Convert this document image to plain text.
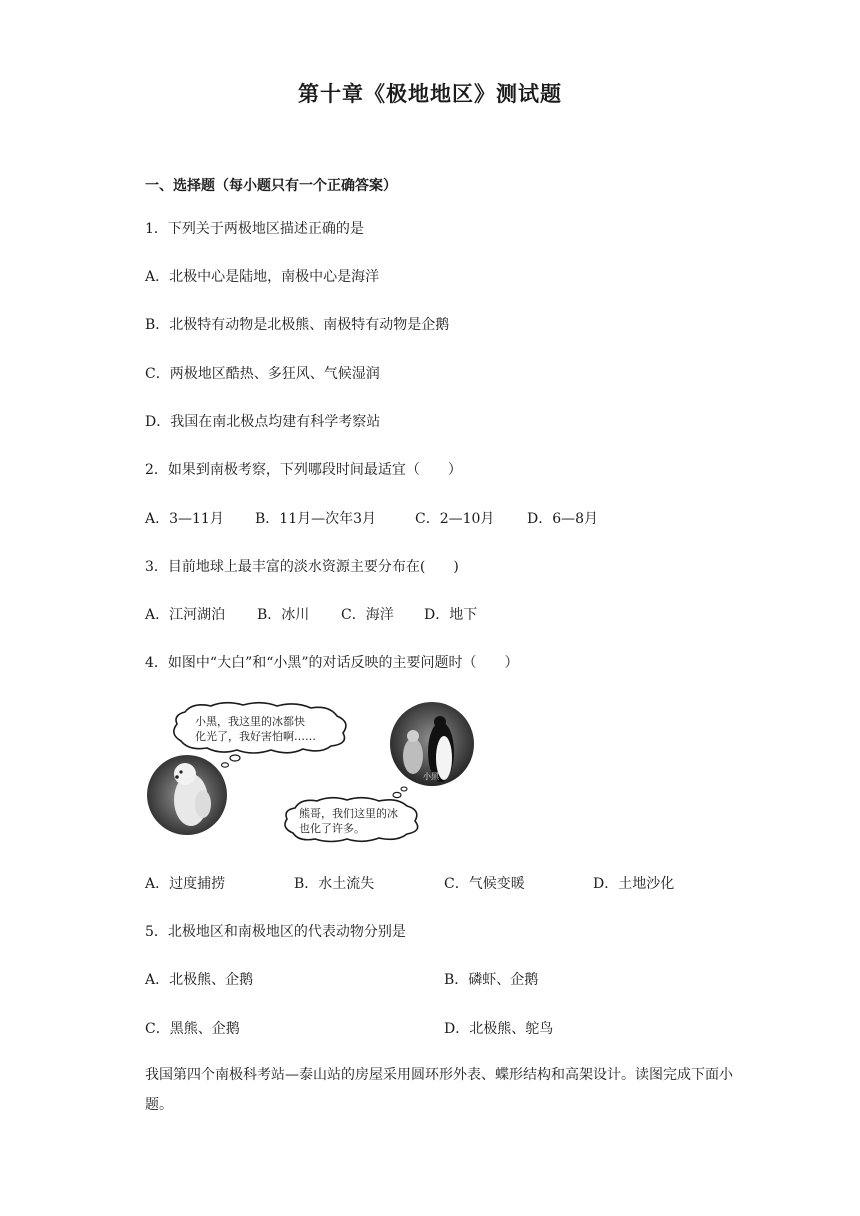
第十章《极地地区》测试题
一、选择题（每小题只有一个正确答案）
1．下列关于两极地区描述正确的是
A．北极中心是陆地，南极中心是海洋
B．北极特有动物是北极熊、南极特有动物是企鹅
C．两极地区酷热、多狂风、气候湿润
D．我国在南北极点均建有科学考察站
2．如果到南极考察，下列哪段时间最适宜（　　）
A．3—11月 B．11月—次年3月	C．2—10月 D．6—8月
3．目前地球上最丰富的淡水资源主要分布在(　　)
A．江河湖泊 B．冰川 C．海洋 D．地下
4．如图中“大白”和“小黑”的对话反映的主要问题时（　　）
小黑，我这里的冰都快
化光了，我好害怕啊……
小黑
熊哥，我们这里的冰
也化了许多。
A．过度捕捞	B．水土流失	C．气候变暖	D．土地沙化
5．北极地区和南极地区的代表动物分别是
A．北极熊、企鹅	B．磷虾、企鹅
C．黑熊、企鹅	D．北极熊、鸵鸟
我国第四个南极科考站—泰山站的房屋采用圆环形外表、蝶形结构和高架设计。读图完成下面小题。
